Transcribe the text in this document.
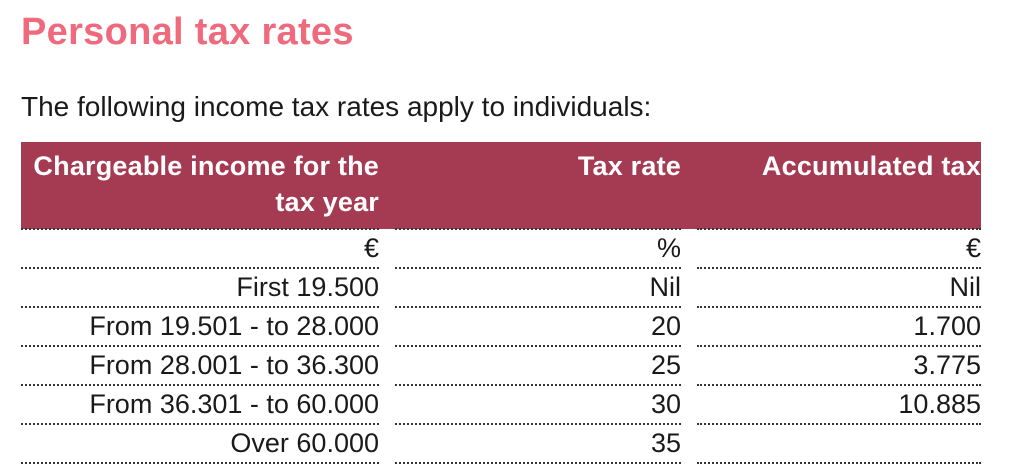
Personal tax rates

The following income tax rates apply to individuals:

Chargeable income for the tax year		Tax rate		Accumulated tax
€		%		€
First 19.500		Nil		Nil
From 19.501 - to 28.000		20		1.700
From 28.001 - to 36.300		25		3.775
From 36.301 - to 60.000		30		10.885
Over 60.000		35		
